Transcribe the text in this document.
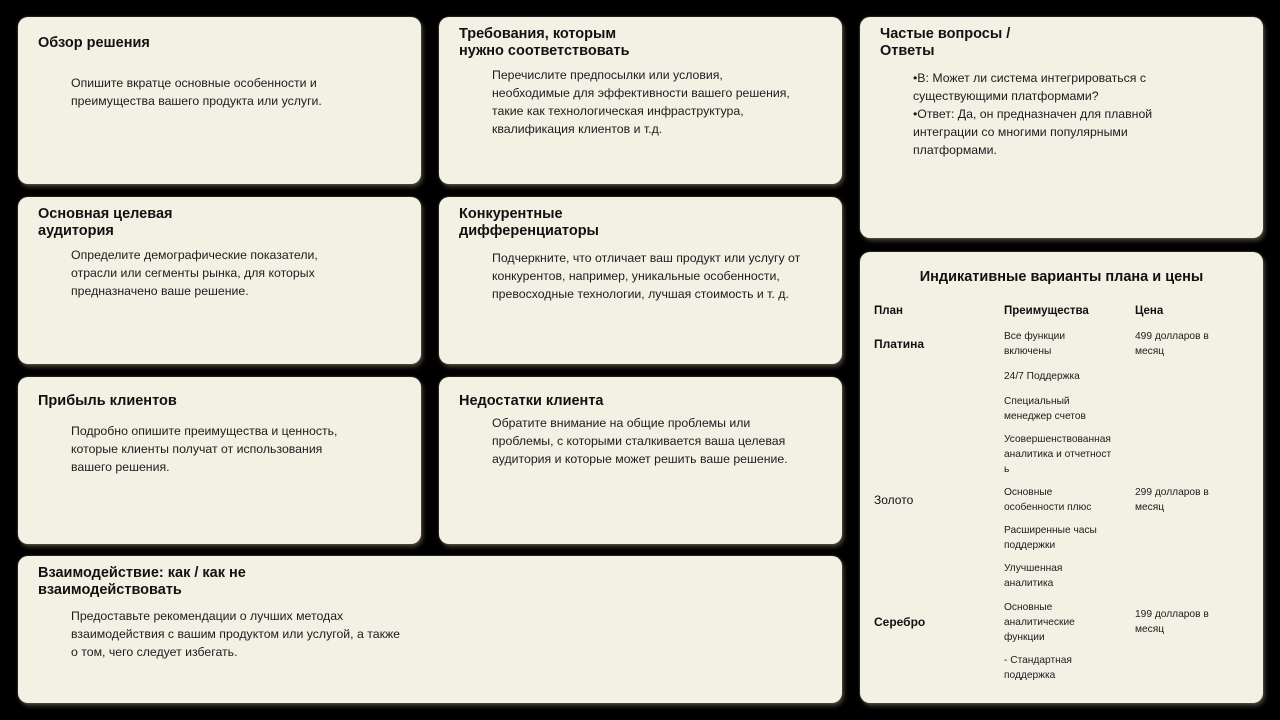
Обзор решения

Опишите вкратце основные особенности и преимущества вашего продукта или услуги.

Требования, которым
нужно соответствовать

Перечислите предпосылки или условия, необходимые для эффективности вашего решения, такие как технологическая инфраструктура, квалификация клиентов и т.д.

Частые вопросы /
Ответы

•В: Может ли система интегрироваться с существующими платформами?
•Ответ: Да, он предназначен для плавной интеграции со многими популярными платформами.

Основная целевая
аудитория

Определите демографические показатели, отрасли или сегменты рынка, для которых предназначено ваше решение.

Конкурентные
дифференциаторы

Подчеркните, что отличает ваш продукт или услугу от конкурентов, например, уникальные особенности, превосходные технологии, лучшая стоимость и т. д.

Прибыль клиентов

Подробно опишите преимущества и ценность, которые клиенты получат от использования вашего решения.

Недостатки клиента

Обратите внимание на общие проблемы или проблемы, с которыми сталкивается ваша целевая аудитория и которые может решить ваше решение.

Взаимодействие: как / как не
взаимодействовать

Предоставьте рекомендации о лучших методах взаимодействия с вашим продуктом или услугой, а также о том, чего следует избегать.

Индикативные варианты плана и цены
План	Преимущества	Цена
Платина
Все функции включены
24/7 Поддержка
Специальный менеджер счетов
Усовершенствованная аналитика и отчетность
499 долларов в месяц
Золото
Основные особенности плюс
Расширенные часы поддержки
Улучшенная аналитика
299 долларов в месяц
Серебро
Основные аналитические функции
- Стандартная поддержка
199 долларов в месяц
